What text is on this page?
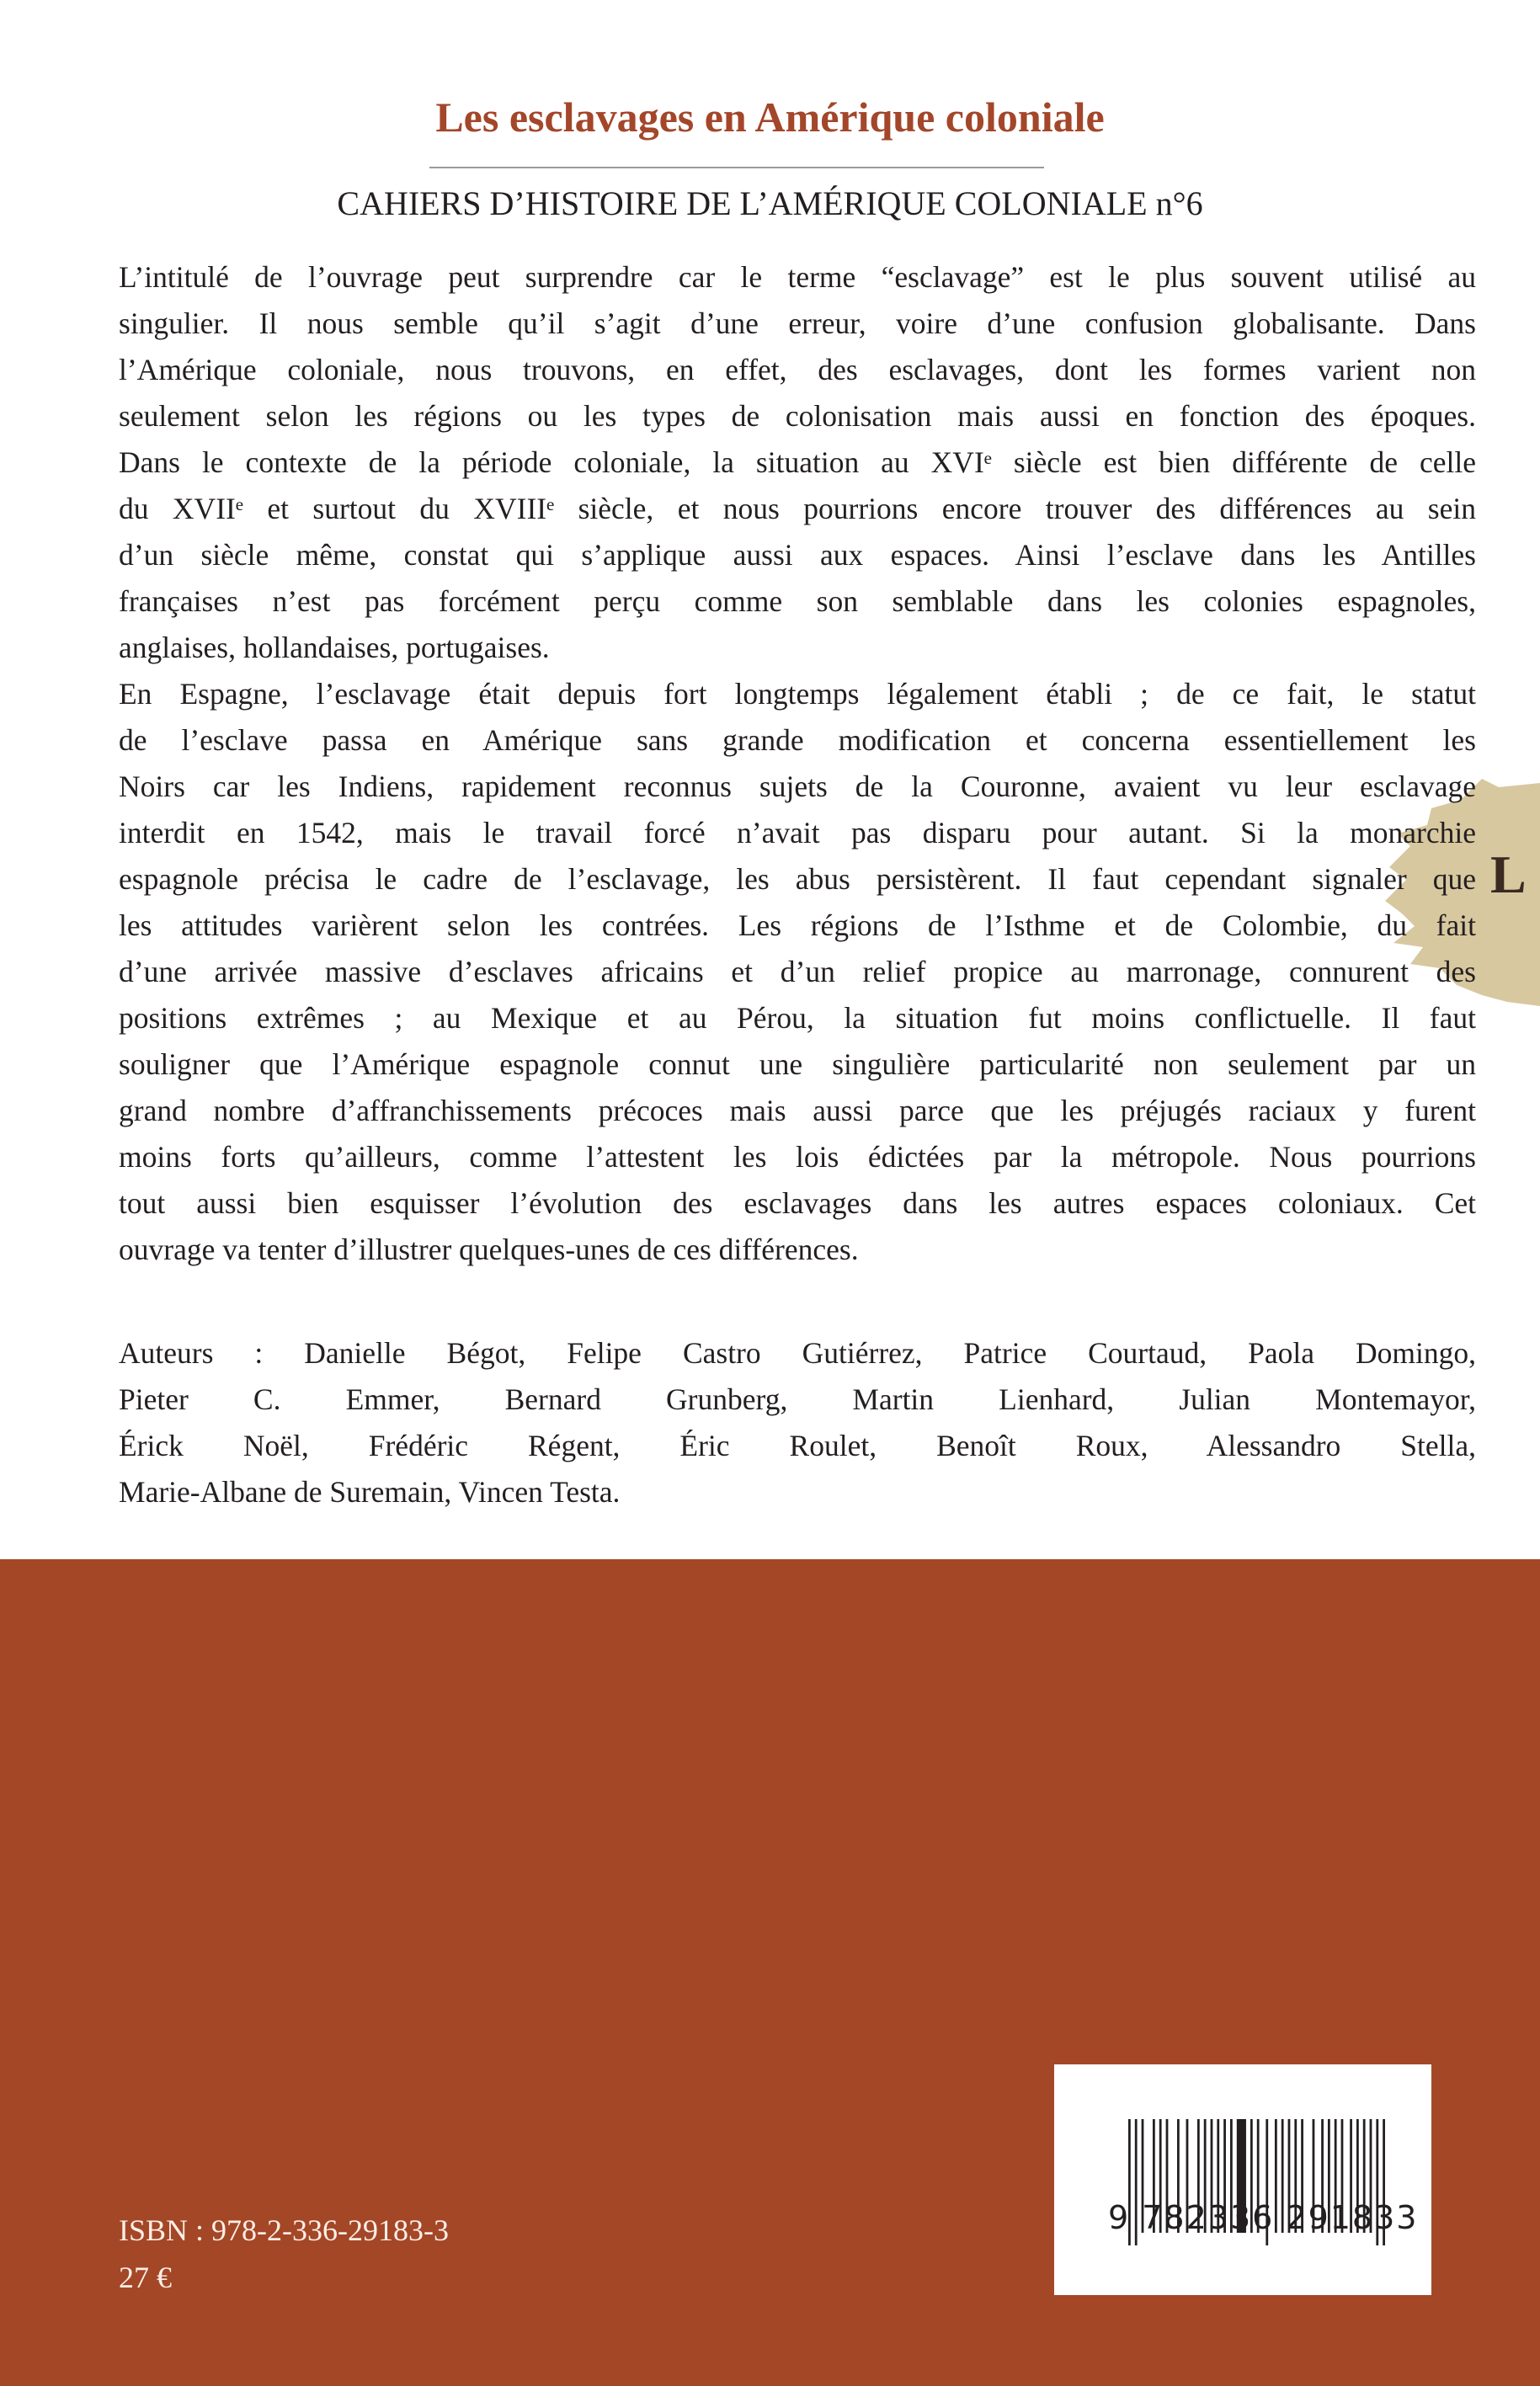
L
Les esclavages en Amérique coloniale
CAHIERS D’HISTOIRE DE L’AMÉRIQUE COLONIALE n°6
L’intitulé de l’ouvrage peut surprendre car le terme “esclavage” est le plus souvent utilisé au
singulier. Il nous semble qu’il s’agit d’une erreur, voire d’une confusion globalisante. Dans
l’Amérique coloniale, nous trouvons, en effet, des esclavages, dont les formes varient non
seulement selon les régions ou les types de colonisation mais aussi en fonction des époques.
Dans le contexte de la période coloniale, la situation au XVIᵉ siècle est bien différente de celle
du XVIIᵉ et surtout du XVIIIᵉ siècle, et nous pourrions encore trouver des différences au sein
d’un siècle même, constat qui s’applique aussi aux espaces. Ainsi l’esclave dans les Antilles
françaises n’est pas forcément perçu comme son semblable dans les colonies espagnoles,
anglaises, hollandaises, portugaises.
En Espagne, l’esclavage était depuis fort longtemps légalement établi ; de ce fait, le statut
de l’esclave passa en Amérique sans grande modification et concerna essentiellement les
Noirs car les Indiens, rapidement reconnus sujets de la Couronne, avaient vu leur esclavage
interdit en 1542, mais le travail forcé n’avait pas disparu pour autant. Si la monarchie
espagnole précisa le cadre de l’esclavage, les abus persistèrent. Il faut cependant signaler que
les attitudes varièrent selon les contrées. Les régions de l’Isthme et de Colombie, du fait
d’une arrivée massive d’esclaves africains et d’un relief propice au marronage, connurent des
positions extrêmes ; au Mexique et au Pérou, la situation fut moins conflictuelle. Il faut
souligner que l’Amérique espagnole connut une singulière particularité non seulement par un
grand nombre d’affranchissements précoces mais aussi parce que les préjugés raciaux y furent
moins forts qu’ailleurs, comme l’attestent les lois édictées par la métropole. Nous pourrions
tout aussi bien esquisser l’évolution des esclavages dans les autres espaces coloniaux. Cet
ouvrage va tenter d’illustrer quelques-unes de ces différences.
Auteurs : Danielle Bégot, Felipe Castro Gutiérrez, Patrice Courtaud, Paola Domingo,
Pieter C. Emmer, Bernard Grunberg, Martin Lienhard, Julian Montemayor,
Érick Noël, Frédéric Régent, Éric Roulet, Benoît Roux, Alessandro Stella,
Marie-Albane de Suremain, Vincen Testa.
ISBN : 978-2-336-29183-3
27 €
9 782336 291833
